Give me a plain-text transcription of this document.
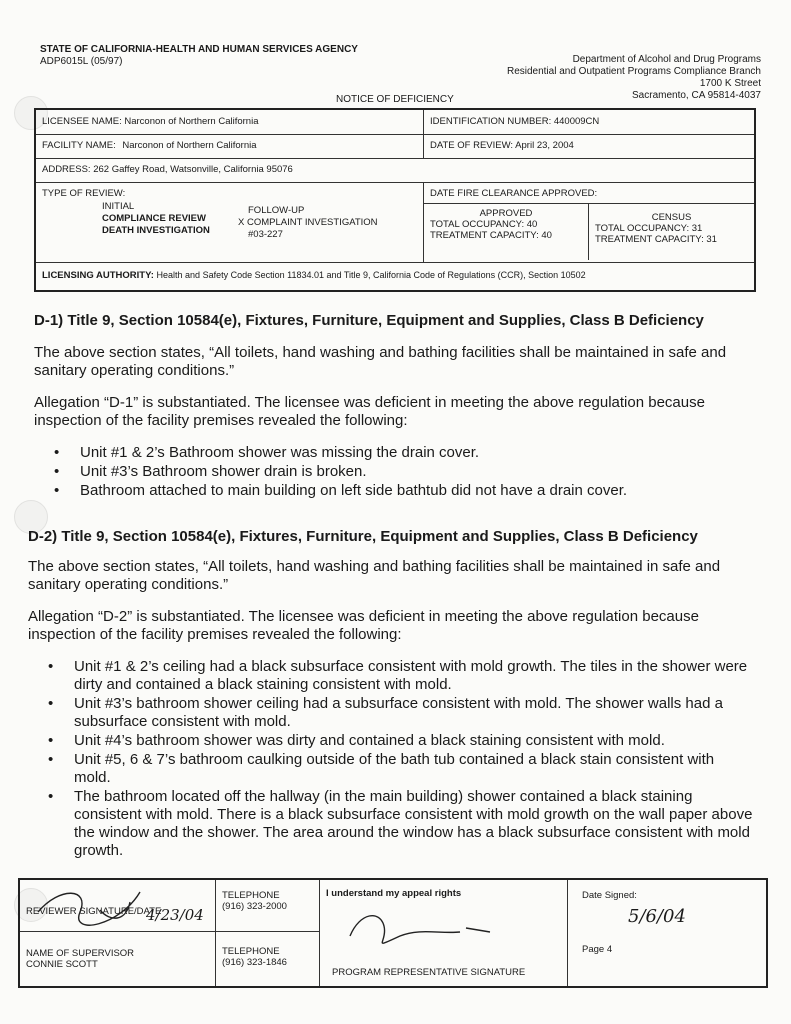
STATE OF CALIFORNIA-HEALTH AND HUMAN SERVICES AGENCY
ADP6015L (05/97)	Department of Alcohol and Drug Programs
Residential and Outpatient Programs Compliance Branch
1700 K Street
Sacramento, CA 95814-4037
NOTICE OF DEFICIENCY
LICENSEE NAME: Narconon of Northern California	IDENTIFICATION NUMBER: 440009CN
FACILITY NAME: Narconon of Northern California	DATE OF REVIEW: April 23, 2004
ADDRESS: 262 Gaffey Road, Watsonville, California 95076
TYPE OF REVIEW:
INITIAL	FOLLOW-UP
COMPLIANCE REVIEW	X COMPLAINT INVESTIGATION
DEATH INVESTIGATION	#03-227
DATE FIRE CLEARANCE APPROVED:
APPROVED
TOTAL OCCUPANCY: 40
TREATMENT CAPACITY: 40
CENSUS
TOTAL OCCUPANCY: 31
TREATMENT CAPACITY: 31
LICENSING AUTHORITY: Health and Safety Code Section 11834.01 and Title 9, California Code of Regulations (CCR), Section 10502
D-1) Title 9, Section 10584(e), Fixtures, Furniture, Equipment and Supplies, Class B Deficiency

The above section states, “All toilets, hand washing and bathing facilities shall be maintained in safe and sanitary operating conditions.”

Allegation “D-1” is substantiated. The licensee was deficient in meeting the above regulation because inspection of the facility premises revealed the following:

• Unit #1 & 2’s Bathroom shower was missing the drain cover.
• Unit #3’s Bathroom shower drain is broken.
• Bathroom attached to main building on left side bathtub did not have a drain cover.
D-2) Title 9, Section 10584(e), Fixtures, Furniture, Equipment and Supplies, Class B Deficiency

The above section states, “All toilets, hand washing and bathing facilities shall be maintained in safe and sanitary operating conditions.”

Allegation “D-2” is substantiated. The licensee was deficient in meeting the above regulation because inspection of the facility premises revealed the following:

• Unit #1 & 2’s ceiling had a black subsurface consistent with mold growth. The tiles in the shower were dirty and contained a black staining consistent with mold.
• Unit #3’s bathroom shower ceiling had a subsurface consistent with mold. The shower walls had a subsurface consistent with mold.
• Unit #4’s bathroom shower was dirty and contained a black staining consistent with mold.
• Unit #5, 6 & 7’s bathroom caulking outside of the bath tub contained a black stain consistent with mold.
• The bathroom located off the hallway (in the main building) shower contained a black staining consistent with mold. There is a black subsurface consistent with mold growth on the wall paper above the window and the shower. The area around the window has a black subsurface consistent with mold growth.
REVIEWER SIGNATURE/DATE
4/23/04
TELEPHONE
(916) 323-2000
NAME OF SUPERVISOR
CONNIE SCOTT
TELEPHONE
(916) 323-1846
I understand my appeal rights
PROGRAM REPRESENTATIVE SIGNATURE
Date Signed:
5/6/04
Page 4
